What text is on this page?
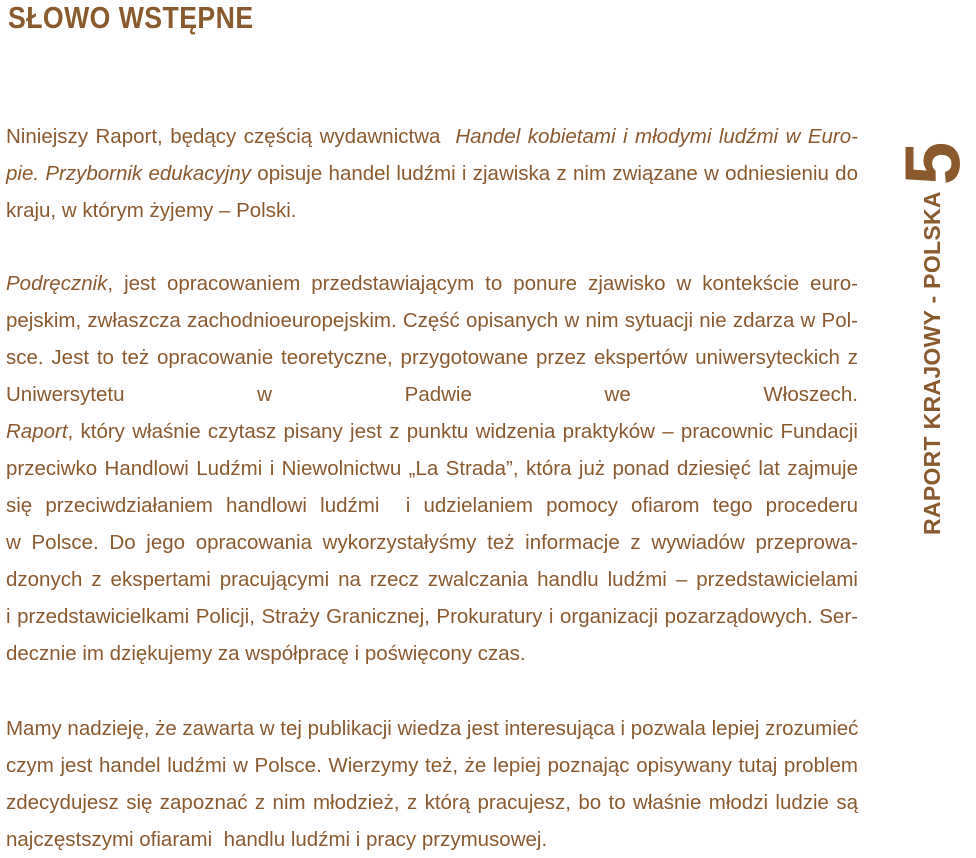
SŁOWO WSTĘPNE
Niniejszy Raport, będący częścią wydawnictwa  Handel kobietami i młodymi ludźmi w Euro-
pie. Przybornik edukacyjny opisuje handel ludźmi i zjawiska z nim związane w odniesieniu do
kraju, w którym żyjemy – Polski.
Podręcznik, jest opracowaniem przedstawiającym to ponure zjawisko w kontekście euro-
pejskim, zwłaszcza zachodnioeuropejskim. Część opisanych w nim sytuacji nie zdarza w Pol-
sce. Jest to też opracowanie teoretyczne, przygotowane przez ekspertów uniwersyteckich z
Uniwersytetu w Padwie we Włoszech.
Raport, który właśnie czytasz pisany jest z punktu widzenia praktyków – pracownic Fundacji
przeciwko Handlowi Ludźmi i Niewolnictwu „La Strada”, która już ponad dziesięć lat zajmuje
się przeciwdziałaniem handlowi ludźmi  i udzielaniem pomocy ofiarom tego procederu
w Polsce. Do jego opracowania wykorzystałyśmy też informacje z wywiadów przeprowa-
dzonych z ekspertami pracującymi na rzecz zwalczania handlu ludźmi – przedstawicielami
i przedstawicielkami Policji, Straży Granicznej, Prokuratury i organizacji pozarządowych. Ser-
decznie im dziękujemy za współpracę i poświęcony czas.
Mamy nadzieję, że zawarta w tej publikacji wiedza jest interesująca i pozwala lepiej zrozumieć
czym jest handel ludźmi w Polsce. Wierzymy też, że lepiej poznając opisywany tutaj problem
zdecydujesz się zapoznać z nim młodzież, z którą pracujesz, bo to właśnie młodzi ludzie są
najczęstszymi ofiarami  handlu ludźmi i pracy przymusowej.
RAPORT KRAJOWY - POLSKA5
